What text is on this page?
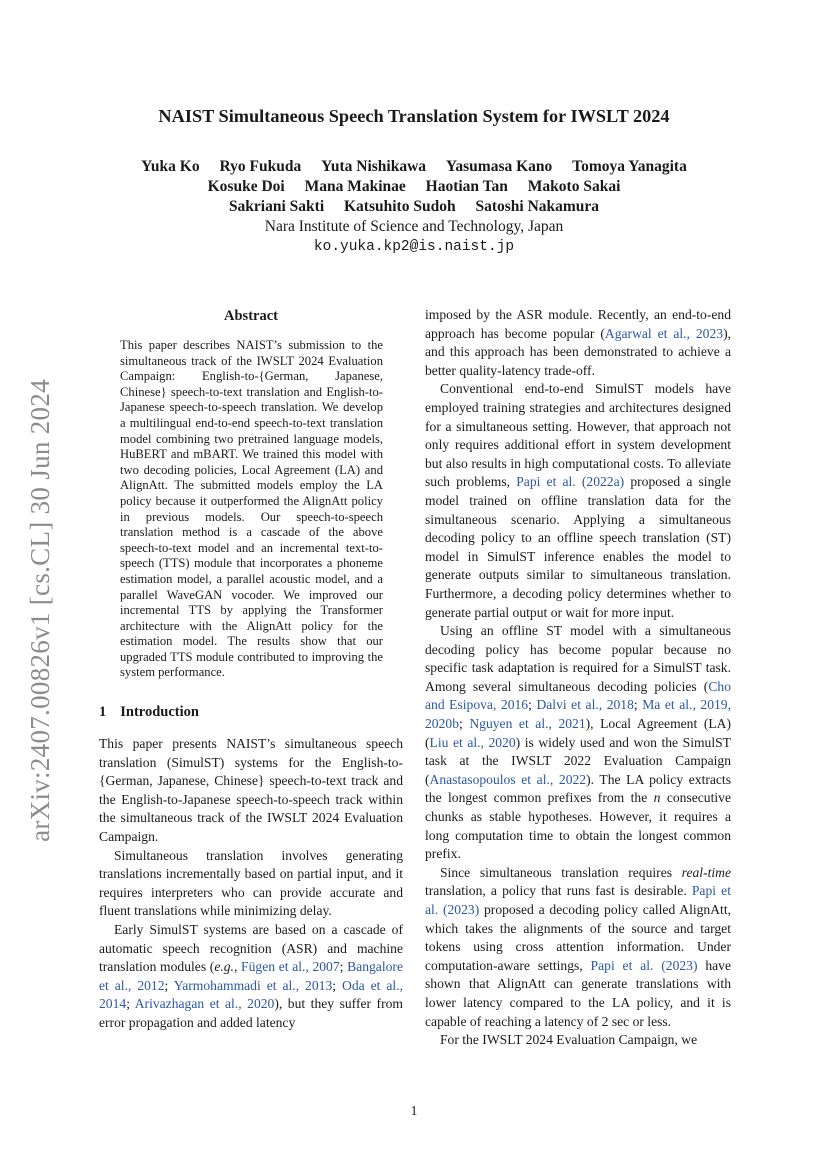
arXiv:2407.00826v1 [cs.CL] 30 Jun 2024
NAIST Simultaneous Speech Translation System for IWSLT 2024
Yuka Ko Ryo Fukuda Yuta Nishikawa Yasumasa Kano Tomoya Yanagita
Kosuke Doi Mana Makinae Haotian Tan Makoto Sakai
Sakriani Sakti Katsuhito Sudoh Satoshi Nakamura
Nara Institute of Science and Technology, Japan
ko.yuka.kp2@is.naist.jp
Abstract
This paper describes NAIST’s submission to the simultaneous track of the IWSLT 2024 Evaluation Campaign: English-to-{German, Japanese, Chinese} speech-to-text translation and English-to-Japanese speech-to-speech translation. We develop a multilingual end-to-end speech-to-text translation model combining two pretrained language models, HuBERT and mBART. We trained this model with two decoding policies, Local Agreement (LA) and AlignAtt. The submitted models employ the LA policy because it outperformed the AlignAtt policy in previous models. Our speech-to-speech translation method is a cascade of the above speech-to-text model and an incremental text-to-speech (TTS) module that incorporates a phoneme estimation model, a parallel acoustic model, and a parallel WaveGAN vocoder. We improved our incremental TTS by applying the Transformer architecture with the AlignAtt policy for the estimation model. The results show that our upgraded TTS module contributed to improving the system performance.
1 Introduction

This paper presents NAIST’s simultaneous speech translation (SimulST) systems for the English-to-{German, Japanese, Chinese} speech-to-text track and the English-to-Japanese speech-to-speech track within the simultaneous track of the IWSLT 2024 Evaluation Campaign.

Simultaneous translation involves generating translations incrementally based on partial input, and it requires interpreters who can provide accurate and fluent translations while minimizing delay.

Early SimulST systems are based on a cascade of automatic speech recognition (ASR) and machine translation modules (e.g., Fügen et al., 2007; Bangalore et al., 2012; Yarmohammadi et al., 2013; Oda et al., 2014; Arivazhagan et al., 2020), but they suffer from error propagation and added latency

imposed by the ASR module. Recently, an end-to-end approach has become popular (Agarwal et al., 2023), and this approach has been demonstrated to achieve a better quality-latency trade-off.

Conventional end-to-end SimulST models have employed training strategies and architectures designed for a simultaneous setting. However, that approach not only requires additional effort in system development but also results in high computational costs. To alleviate such problems, Papi et al. (2022a) proposed a single model trained on offline translation data for the simultaneous scenario. Applying a simultaneous decoding policy to an offline speech translation (ST) model in SimulST inference enables the model to generate outputs similar to simultaneous translation. Furthermore, a decoding policy determines whether to generate partial output or wait for more input.

Using an offline ST model with a simultaneous decoding policy has become popular because no specific task adaptation is required for a SimulST task. Among several simultaneous decoding policies (Cho and Esipova, 2016; Dalvi et al., 2018; Ma et al., 2019, 2020b; Nguyen et al., 2021), Local Agreement (LA) (Liu et al., 2020) is widely used and won the SimulST task at the IWSLT 2022 Evaluation Campaign (Anastasopoulos et al., 2022). The LA policy extracts the longest common prefixes from the n consecutive chunks as stable hypotheses. However, it requires a long computation time to obtain the longest common prefix.

Since simultaneous translation requires real-time translation, a policy that runs fast is desirable. Papi et al. (2023) proposed a decoding policy called AlignAtt, which takes the alignments of the source and target tokens using cross attention information. Under computation-aware settings, Papi et al. (2023) have shown that AlignAtt can generate translations with lower latency compared to the LA policy, and it is capable of reaching a latency of 2 sec or less.

For the IWSLT 2024 Evaluation Campaign, we

1
